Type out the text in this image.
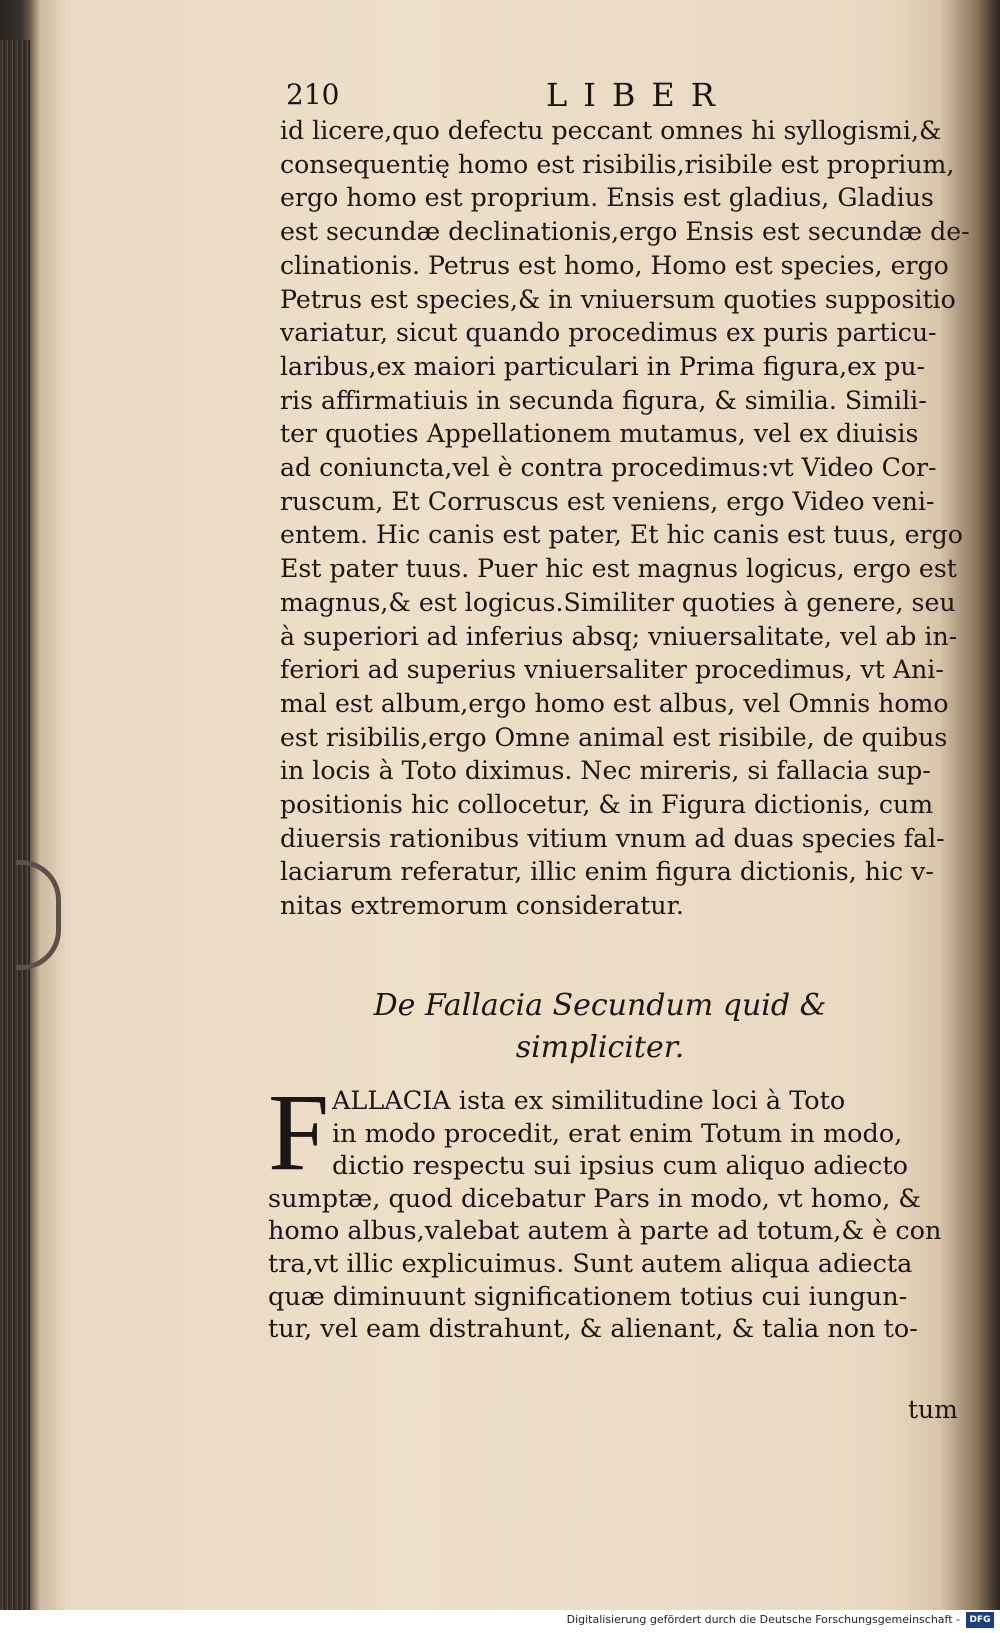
210	LIBER
id licere,quo defectu peccant omnes hi syllogismi,&
consequentię homo est risibilis,risibile est proprium,
ergo homo est proprium. Ensis est gladius, Gladius
est secundæ declinationis,ergo Ensis est secundæ de-
clinationis. Petrus est homo, Homo est species, ergo
Petrus est species,& in vniuersum quoties suppositio
variatur, sicut quando procedimus ex puris particu-
laribus,ex maiori particulari in Prima figura,ex pu-
ris affirmatiuis in secunda figura, & similia. Simili-
ter quoties Appellationem mutamus, vel ex diuisis
ad coniuncta,vel è contra procedimus:vt Video Cor-
ruscum, Et Corruscus est veniens, ergo Video veni-
entem. Hic canis est pater, Et hic canis est tuus, ergo
Est pater tuus. Puer hic est magnus logicus, ergo est
magnus,& est logicus.Similiter quoties à genere, seu
à superiori ad inferius absq; vniuersalitate, vel ab in-
feriori ad superius vniuersaliter procedimus, vt Ani-
mal est album,ergo homo est albus, vel Omnis homo
est risibilis,ergo Omne animal est risibile, de quibus
in locis à Toto diximus. Nec mireris, si fallacia sup-
positionis hic collocetur, & in Figura dictionis, cum
diuersis rationibus vitium vnum ad duas species fal-
laciarum referatur, illic enim figura dictionis, hic v-
nitas extremorum consideratur.
De Fallacia Secundum quid &
simpliciter.
F ALLACIA ista ex similitudine loci à Toto
in modo procedit, erat enim Totum in modo,
dictio respectu sui ipsius cum aliquo adiecto
sumptæ, quod dicebatur Pars in modo, vt homo, &
homo albus,valebat autem à parte ad totum,& è con
tra,vt illic explicuimus. Sunt autem aliqua adiecta
quæ diminuunt significationem totius cui iungun-
tur, vel eam distrahunt, & alienant, & talia non to-
tum
Digitalisierung gefördert durch die Deutsche Forschungsgemeinschaft -	DFG
